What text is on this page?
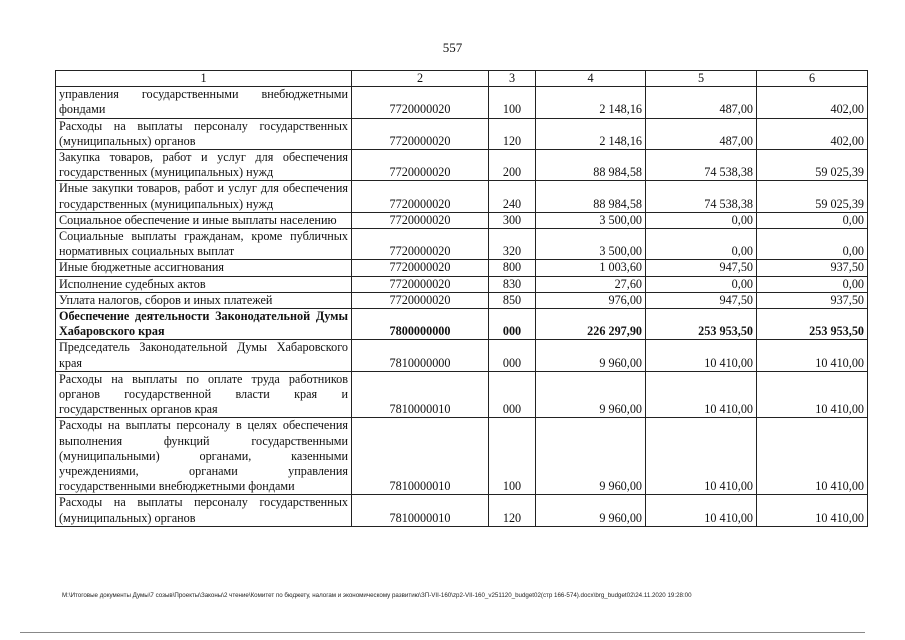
557
1	2	3	4	5	6
управления государственными внебюджетными фондами	7720000020	100	2 148,16	487,00	402,00
Расходы на выплаты персоналу государственных (муниципальных) органов	7720000020	120	2 148,16	487,00	402,00
Закупка товаров, работ и услуг для обеспечения государственных (муниципальных) нужд	7720000020	200	88 984,58	74 538,38	59 025,39
Иные закупки товаров, работ и услуг для обеспечения государственных (муниципальных) нужд	7720000020	240	88 984,58	74 538,38	59 025,39
Социальное обеспечение и иные выплаты населению	7720000020	300	3 500,00	0,00	0,00
Социальные выплаты гражданам, кроме публичных нормативных социальных выплат	7720000020	320	3 500,00	0,00	0,00
Иные бюджетные ассигнования	7720000020	800	1 003,60	947,50	937,50
Исполнение судебных актов	7720000020	830	27,60	0,00	0,00
Уплата налогов, сборов и иных платежей	7720000020	850	976,00	947,50	937,50
Обеспечение деятельности Законодательной Думы Хабаровского края	7800000000	000	226 297,90	253 953,50	253 953,50
Председатель Законодательной Думы Хабаровского края	7810000000	000	9 960,00	10 410,00	10 410,00
Расходы на выплаты по оплате труда работников органов государственной власти края и государственных органов края	7810000010	000	9 960,00	10 410,00	10 410,00
Расходы на выплаты персоналу в целях обеспечения выполнения функций государственными (муниципальными) органами, казенными учреждениями, органами управления государственными внебюджетными фондами	7810000010	100	9 960,00	10 410,00	10 410,00
Расходы на выплаты персоналу государственных (муниципальных) органов	7810000010	120	9 960,00	10 410,00	10 410,00
M:\Итоговые документы Думы\7 созыв\Проекты\Законы\2 чтение\Комитет по бюджету, налогам и экономическому развитию\ЗП-VII-160\zp2-VII-160_v251120_budget02(стр 166-574).docx\brg_budget02\24.11.2020 19:28:00
